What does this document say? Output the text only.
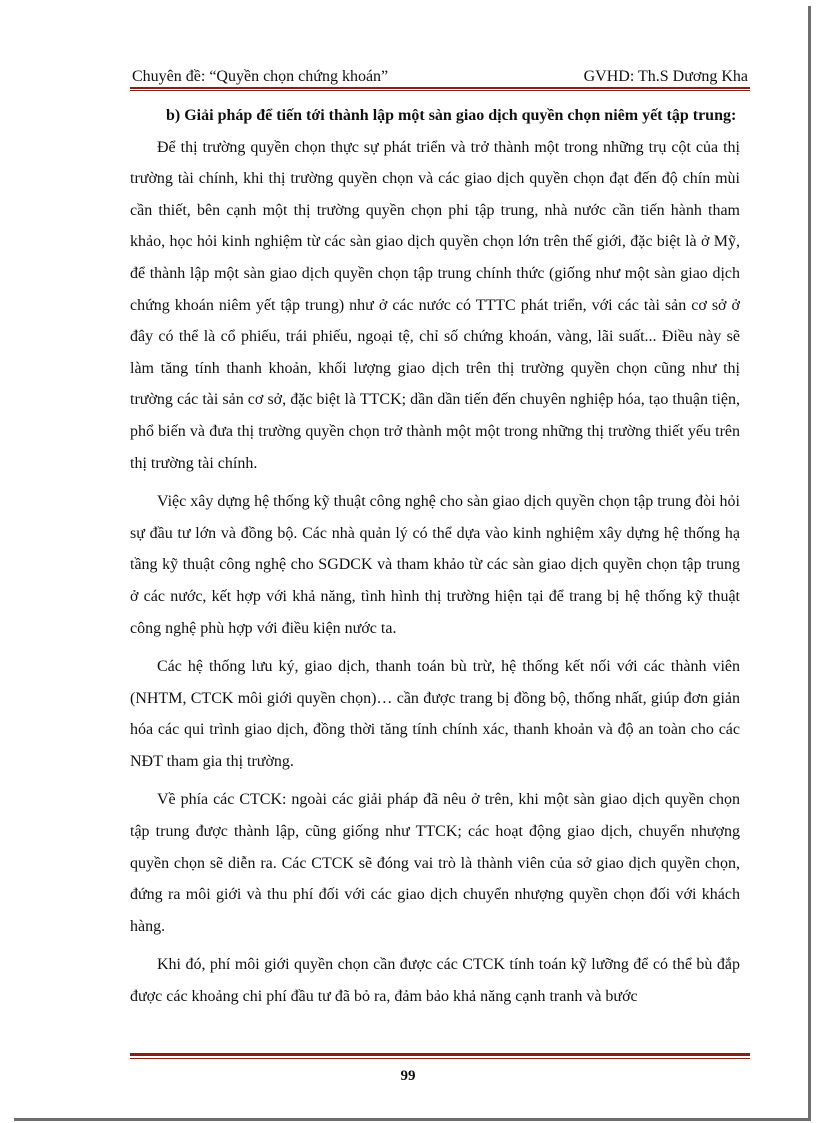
Chuyên đề: “Quyền chọn chứng khoán”	GVHD: Th.S Dương Kha
b) Giải pháp để tiến tới thành lập một sàn giao dịch quyền chọn niêm yết tập trung:

Để thị trường quyền chọn thực sự phát triển và trở thành một trong những trụ cột của thị trường tài chính, khi thị trường quyền chọn và các giao dịch quyền chọn đạt đến độ chín mùi cần thiết, bên cạnh một thị trường quyền chọn phi tập trung, nhà nước cần tiến hành tham khảo, học hỏi kinh nghiệm từ các sàn giao dịch quyền chọn lớn trên thế giới, đặc biệt là ở Mỹ, để thành lập một sàn giao dịch quyền chọn tập trung chính thức (giống như một sàn giao dịch chứng khoán niêm yết tập trung) như ở các nước có TTTC phát triển, với các tài sản cơ sở ở đây có thể là cổ phiếu, trái phiếu, ngoại tệ, chỉ số chứng khoán, vàng, lãi suất... Điều này sẽ làm tăng tính thanh khoản, khối lượng giao dịch trên thị trường quyền chọn cũng như thị trường các tài sản cơ sở, đặc biệt là TTCK; dần dần tiến đến chuyên nghiệp hóa, tạo thuận tiện, phổ biến và đưa thị trường quyền chọn trở thành một một trong những thị trường thiết yếu trên thị trường tài chính.

Việc xây dựng hệ thống kỹ thuật công nghệ cho sàn giao dịch quyền chọn tập trung đòi hỏi sự đầu tư lớn và đồng bộ. Các nhà quản lý có thể dựa vào kinh nghiệm xây dựng hệ thống hạ tầng kỹ thuật công nghệ cho SGDCK và tham khảo từ các sàn giao dịch quyền chọn tập trung ở các nước, kết hợp với khả năng, tình hình thị trường hiện tại để trang bị hệ thống kỹ thuật công nghệ phù hợp với điều kiện nước ta.

Các hệ thống lưu ký, giao dịch, thanh toán bù trừ, hệ thống kết nối với các thành viên (NHTM, CTCK môi giới quyền chọn)… cần được trang bị đồng bộ, thống nhất, giúp đơn giản hóa các qui trình giao dịch, đồng thời tăng tính chính xác, thanh khoản và độ an toàn cho các NĐT tham gia thị trường.

Về phía các CTCK: ngoài các giải pháp đã nêu ở trên, khi một sàn giao dịch quyền chọn tập trung được thành lập, cũng giống như TTCK; các hoạt động giao dịch, chuyển nhượng quyền chọn sẽ diễn ra. Các CTCK sẽ đóng vai trò là thành viên của sở giao dịch quyền chọn, đứng ra môi giới và thu phí đối với các giao dịch chuyển nhượng quyền chọn đối với khách hàng.

Khi đó, phí môi giới quyền chọn cần được các CTCK tính toán kỹ lưỡng để có thể bù đắp được các khoảng chi phí đầu tư đã bỏ ra, đảm bảo khả năng cạnh tranh và bước

99
